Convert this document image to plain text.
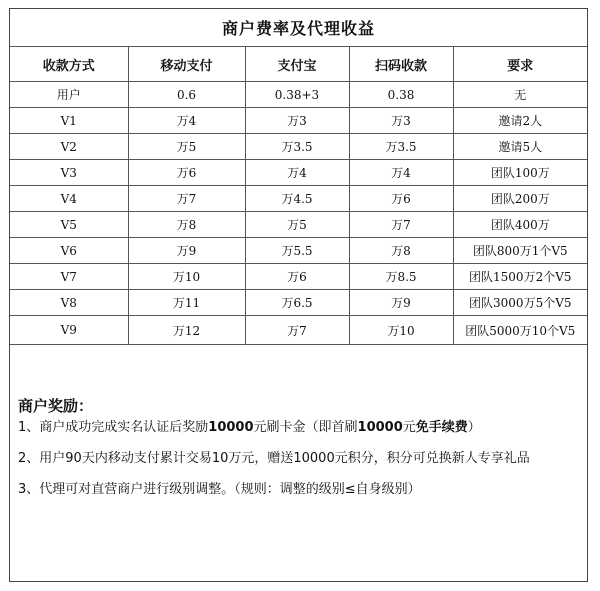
商户费率及代理收益				
收款方式	移动支付	支付宝	扫码收款	要求
用户	0.6	0.38+3	0.38	无
V1	万4	万3	万3	邀请2人
V2	万5	万3.5	万3.5	邀请5人
V3	万6	万4	万4	团队100万
V4	万7	万4.5	万6	团队200万
V5	万8	万5	万7	团队400万
V6	万9	万5.5	万8	团队800万1个V5
V7	万10	万6	万8.5	团队1500万2个V5
V8	万11	万6.5	万9	团队3000万5个V5
V9	万12	万7	万10	团队5000万10个V5
商户奖励：
1、商户成功完成实名认证后奖励10000元刷卡金（即首刷10000元免手续费）
2、用户90天内移动支付累计交易10万元，赠送10000元积分，积分可兑换新人专享礼品
3、代理可对直营商户进行级别调整。（规则：调整的级别≤自身级别）
